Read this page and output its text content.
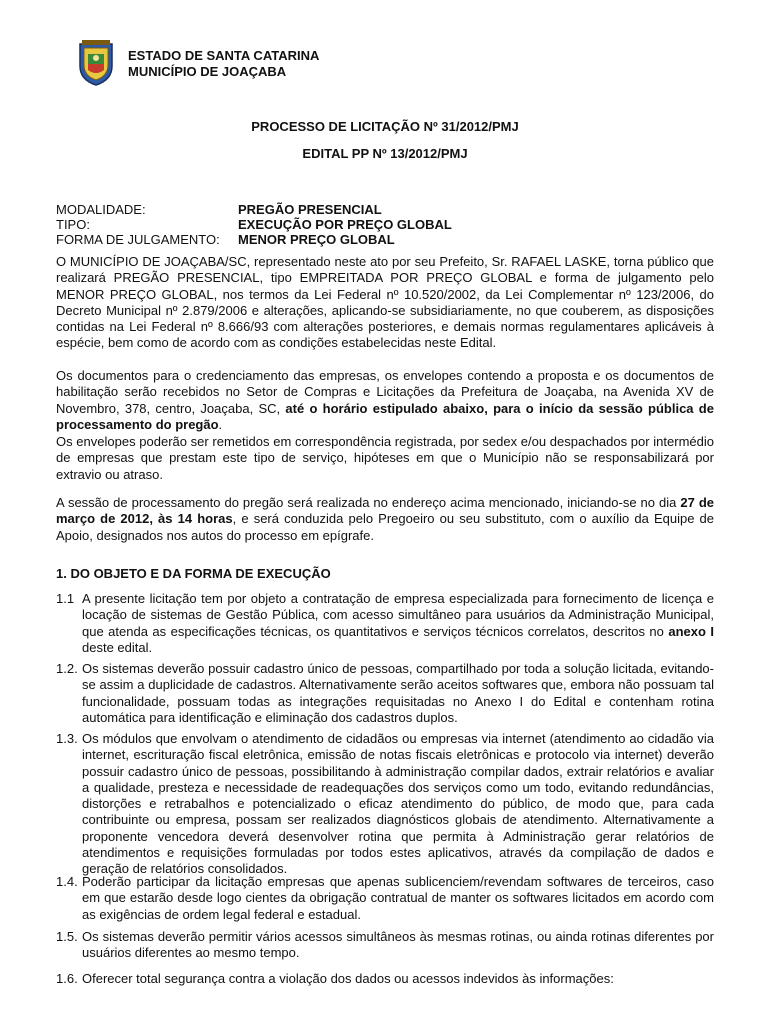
ESTADO DE SANTA CATARINA
MUNICÍPIO DE JOAÇABA
PROCESSO DE LICITAÇÃO Nº 31/2012/PMJ
EDITAL PP Nº 13/2012/PMJ
MODALIDADE:	PREGÃO PRESENCIAL
TIPO:	EXECUÇÃO POR PREÇO GLOBAL
FORMA DE JULGAMENTO:	MENOR PREÇO GLOBAL

O MUNICÍPIO DE JOAÇABA/SC, representado neste ato por seu Prefeito, Sr. RAFAEL LASKE, torna público que realizará PREGÃO PRESENCIAL, tipo EMPREITADA POR PREÇO GLOBAL e forma de julgamento pelo MENOR PREÇO GLOBAL, nos termos da Lei Federal nº 10.520/2002, da Lei Complementar nº 123/2006, do Decreto Municipal nº 2.879/2006 e alterações, aplicando-se subsidiariamente, no que couberem, as disposições contidas na Lei Federal nº 8.666/93 com alterações posteriores, e demais normas regulamentares aplicáveis à espécie, bem como de acordo com as condições estabelecidas neste Edital.

Os documentos para o credenciamento das empresas, os envelopes contendo a proposta e os documentos de habilitação serão recebidos no Setor de Compras e Licitações da Prefeitura de Joaçaba, na Avenida XV de Novembro, 378, centro, Joaçaba, SC, até o horário estipulado abaixo, para o início da sessão pública de processamento do pregão.

Os envelopes poderão ser remetidos em correspondência registrada, por sedex e/ou despachados por intermédio de empresas que prestam este tipo de serviço, hipóteses em que o Município não se responsabilizará por extravio ou atraso.

A sessão de processamento do pregão será realizada no endereço acima mencionado, iniciando-se no dia 27 de março de 2012, às 14 horas, e será conduzida pelo Pregoeiro ou seu substituto, com o auxílio da Equipe de Apoio, designados nos autos do processo em epígrafe.

1. DO OBJETO E DA FORMA DE EXECUÇÃO
1.1 A presente licitação tem por objeto a contratação de empresa especializada para fornecimento de licença e locação de sistemas de Gestão Pública, com acesso simultâneo para usuários da Administração Municipal, que atenda as especificações técnicas, os quantitativos e serviços técnicos correlatos, descritos no anexo I deste edital.
1.2. Os sistemas deverão possuir cadastro único de pessoas, compartilhado por toda a solução licitada, evitando-se assim a duplicidade de cadastros. Alternativamente serão aceitos softwares que, embora não possuam tal funcionalidade, possuam todas as integrações requisitadas no Anexo I do Edital e contenham rotina automática para identificação e eliminação dos cadastros duplos.
1.3. Os módulos que envolvam o atendimento de cidadãos ou empresas via internet (atendimento ao cidadão via internet, escrituração fiscal eletrônica, emissão de notas fiscais eletrônicas e protocolo via internet) deverão possuir cadastro único de pessoas, possibilitando à administração compilar dados, extrair relatórios e avaliar a qualidade, presteza e necessidade de readequações dos serviços como um todo, evitando redundâncias, distorções e retrabalhos e potencializado o eficaz atendimento do público, de modo que, para cada contribuinte ou empresa, possam ser realizados diagnósticos globais de atendimento. Alternativamente a proponente vencedora deverá desenvolver rotina que permita à Administração gerar relatórios de atendimentos e requisições formuladas por todos estes aplicativos, através da compilação de dados e geração de relatórios consolidados.
1.4. Poderão participar da licitação empresas que apenas sublicenciem/revendam softwares de terceiros, caso em que estarão desde logo cientes da obrigação contratual de manter os softwares licitados em acordo com as exigências de ordem legal federal e estadual.
1.5. Os sistemas deverão permitir vários acessos simultâneos às mesmas rotinas, ou ainda rotinas diferentes por usuários diferentes ao mesmo tempo.
1.6. Oferecer total segurança contra a violação dos dados ou acessos indevidos às informações:
